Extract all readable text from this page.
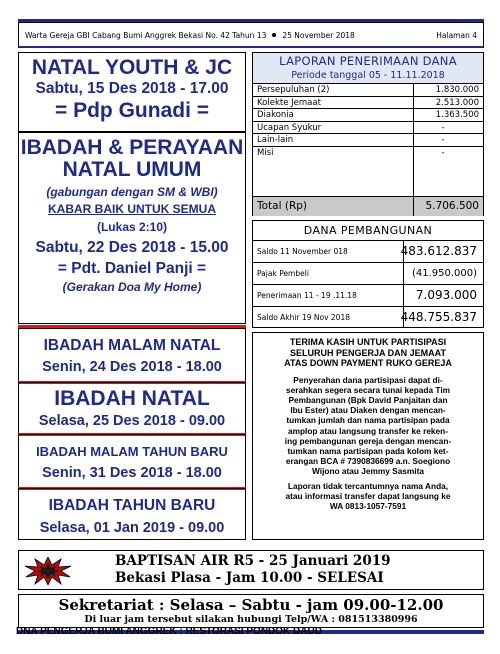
Warta Gereja GBI Cabang Bumi Anggrek Bekasi No. 42 Tahun 13 25 November 2018	Halaman 4
NATAL YOUTH & JC
Sabtu, 15 Des 2018 - 17.00
= Pdp Gunadi =
IBADAH & PERAYAAN
NATAL UMUM
(gabungan dengan SM & WBI)
KABAR BAIK UNTUK SEMUA
(Lukas 2:10)
Sabtu, 22 Des 2018 - 15.00
= Pdt. Daniel Panji =
(Gerakan Doa My Home)
IBADAH MALAM NATAL
Senin, 24 Des 2018 - 18.00
IBADAH NATAL
Selasa, 25 Des 2018 - 09.00
IBADAH MALAM TAHUN BARU
Senin, 31 Des 2018 - 18.00
IBADAH TAHUN BARU
Selasa, 01 Jan 2019 - 09.00
LAPORAN PENERIMAAN DANA
Periode tanggal 05 - 11.11.2018
Persepuluhan (2)	1.830.000
Kolekte Jemaat	2.513.000
Diakonia	1.363.500
Ucapan Syukur	-
Lain-lain	-
Misi	-
Total (Rp)	5.706.500
DANA PEMBANGUNAN
Saldo 11 November 018	483.612.837
Pajak Pembeli	(41.950.000)
Penerimaan 11 - 19 .11.18	7.093.000
Saldo Akhir 19 Nov 2018	448.755.837
TERIMA KASIH UNTUK PARTISIPASI
SELURUH PENGERJA DAN JEMAAT
ATAS DOWN PAYMENT RUKO GEREJA
Penyerahan dana partisipasi dapat di-
serahkan segera secara tunai kepada Tim
Pembangunan (Bpk David Panjaitan dan
Ibu Ester) atau Diaken dengan mencan-
tumkan jumlah dan nama partisipan pada
amplop atau langsung transfer ke reken-
ing pembangunan gereja dengan mencan-
tumkan nama partisipan pada kolom ket-
erangan BCA # 7390836699 a.n. Soegiono
Wijono atau Jemmy Sasmita
Laporan tidak tercantumnya nama Anda,
atau informasi transfer dapat langsung ke
WA 0813-1057-7591
BAPTISAN AIR R5 - 25 Januari 2019
Bekasi Plasa - Jam 10.00 - SELESAI
Sekretariat : Selasa – Sabtu - jam 09.00-12.00
Di luar jam tersebut silakan hubungi Telp/WA : 081513380996
DNA PENGERJA BUMI ANGGREK : RESTORASI PONDOK DAUD
